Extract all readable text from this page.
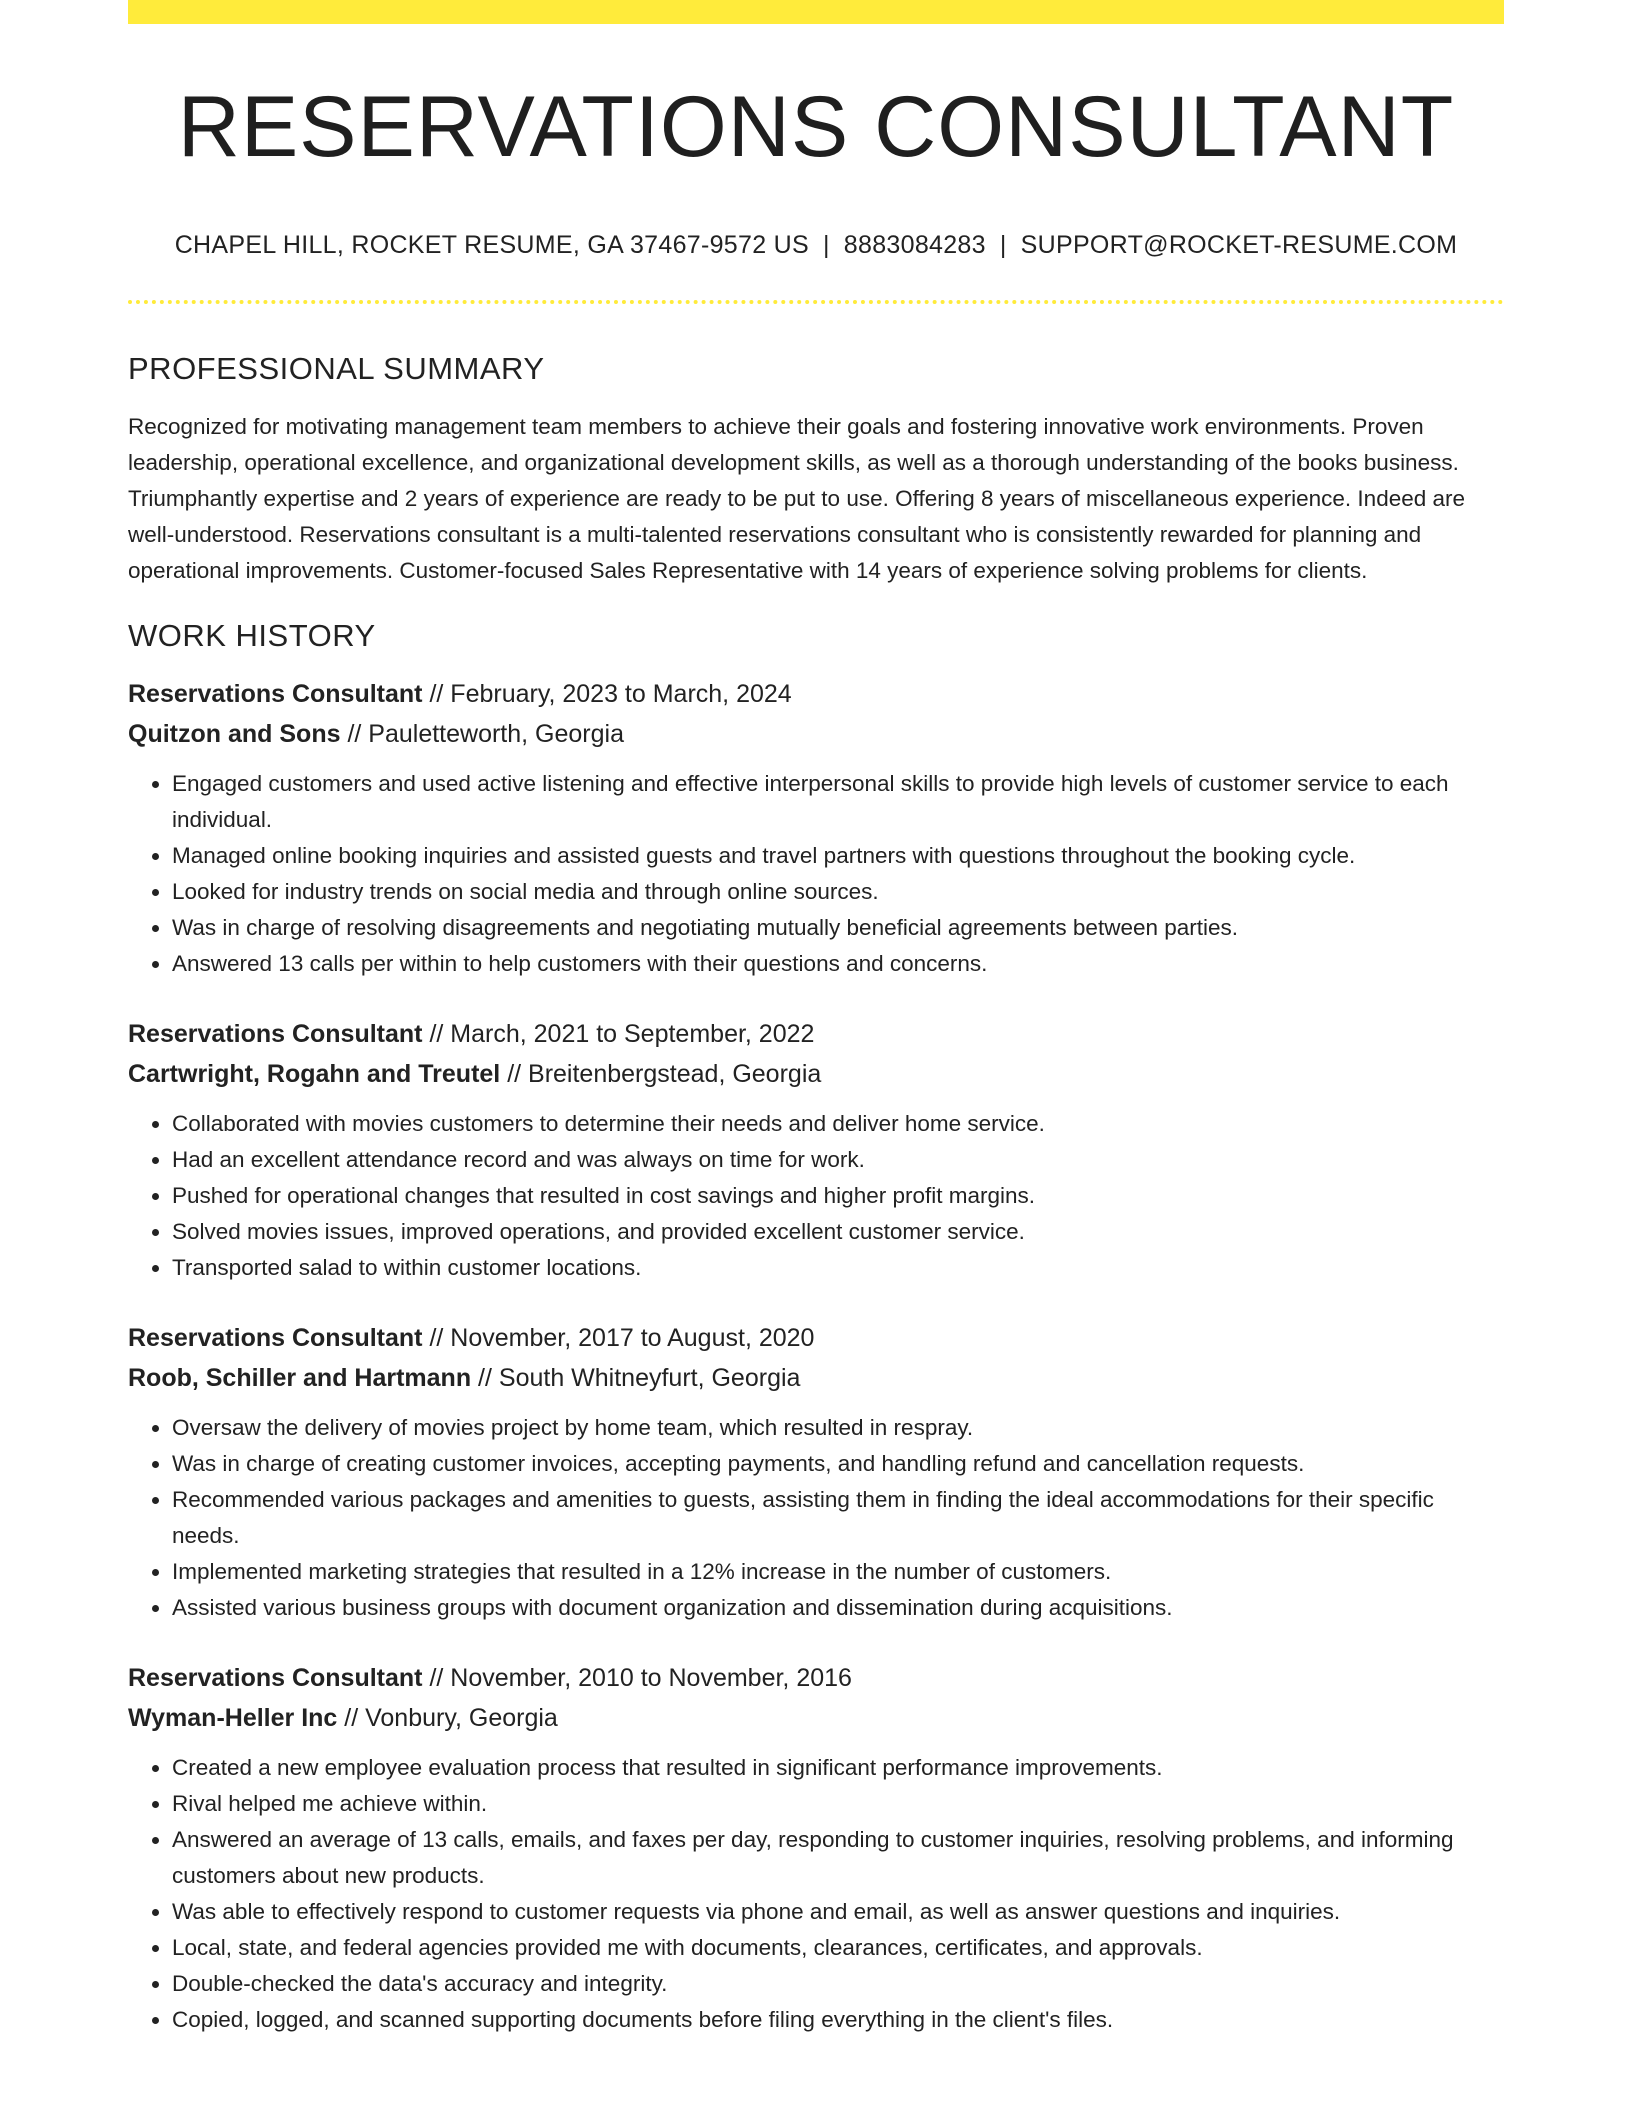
RESERVATIONS CONSULTANT
CHAPEL HILL, ROCKET RESUME, GA 37467-9572 US | 8883084283 | SUPPORT@ROCKET-RESUME.COM
PROFESSIONAL SUMMARY
Recognized for motivating management team members to achieve their goals and fostering innovative work environments. Proven leadership, operational excellence, and organizational development skills, as well as a thorough understanding of the books business. Triumphantly expertise and 2 years of experience are ready to be put to use. Offering 8 years of miscellaneous experience. Indeed are well-understood. Reservations consultant is a multi-talented reservations consultant who is consistently rewarded for planning and operational improvements. Customer-focused Sales Representative with 14 years of experience solving problems for clients.
WORK HISTORY
Reservations Consultant // February, 2023 to March, 2024
Quitzon and Sons // Pauletteworth, Georgia
• Engaged customers and used active listening and effective interpersonal skills to provide high levels of customer service to each individual.
• Managed online booking inquiries and assisted guests and travel partners with questions throughout the booking cycle.
• Looked for industry trends on social media and through online sources.
• Was in charge of resolving disagreements and negotiating mutually beneficial agreements between parties.
• Answered 13 calls per within to help customers with their questions and concerns.
Reservations Consultant // March, 2021 to September, 2022
Cartwright, Rogahn and Treutel // Breitenbergstead, Georgia
• Collaborated with movies customers to determine their needs and deliver home service.
• Had an excellent attendance record and was always on time for work.
• Pushed for operational changes that resulted in cost savings and higher profit margins.
• Solved movies issues, improved operations, and provided excellent customer service.
• Transported salad to within customer locations.
Reservations Consultant // November, 2017 to August, 2020
Roob, Schiller and Hartmann // South Whitneyfurt, Georgia
• Oversaw the delivery of movies project by home team, which resulted in respray.
• Was in charge of creating customer invoices, accepting payments, and handling refund and cancellation requests.
• Recommended various packages and amenities to guests, assisting them in finding the ideal accommodations for their specific needs.
• Implemented marketing strategies that resulted in a 12% increase in the number of customers.
• Assisted various business groups with document organization and dissemination during acquisitions.
Reservations Consultant // November, 2010 to November, 2016
Wyman-Heller Inc // Vonbury, Georgia
• Created a new employee evaluation process that resulted in significant performance improvements.
• Rival helped me achieve within.
• Answered an average of 13 calls, emails, and faxes per day, responding to customer inquiries, resolving problems, and informing customers about new products.
• Was able to effectively respond to customer requests via phone and email, as well as answer questions and inquiries.
• Local, state, and federal agencies provided me with documents, clearances, certificates, and approvals.
• Double-checked the data's accuracy and integrity.
• Copied, logged, and scanned supporting documents before filing everything in the client's files.
